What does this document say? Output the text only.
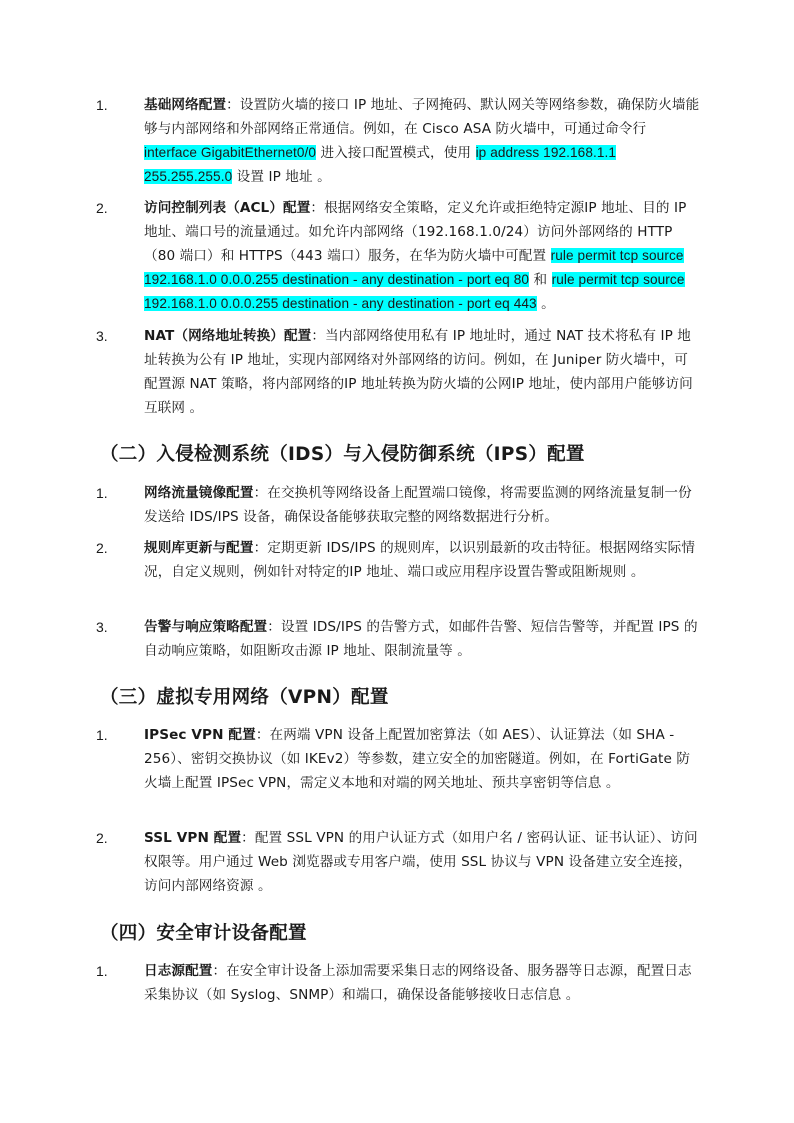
1.	基础网络配置：设置防火墙的接口 IP 地址、子网掩码、默认网关等网络参数，确保防火墙能够与内部网络和外部网络正常通信。例如，在 Cisco ASA 防火墙中，可通过命令行 interface GigabitEthernet0/0 进入接口配置模式，使用 ip address 192.168.1.1 255.255.255.0 设置 IP 地址 。
2.	访问控制列表（ACL）配置：根据网络安全策略，定义允许或拒绝特定源IP 地址、目的 IP 地址、端口号的流量通过。如允许内部网络（192.168.1.0/24）访问外部网络的 HTTP（80 端口）和 HTTPS（443 端口）服务，在华为防火墙中可配置 rule permit tcp source 192.168.1.0 0.0.0.255 destination - any destination - port eq 80 和 rule permit tcp source 192.168.1.0 0.0.0.255 destination - any destination - port eq 443 。
3.	NAT（网络地址转换）配置：当内部网络使用私有 IP 地址时，通过 NAT 技术将私有 IP 地址转换为公有 IP 地址，实现内部网络对外部网络的访问。例如，在 Juniper 防火墙中，可配置源 NAT 策略，将内部网络的IP 地址转换为防火墙的公网IP 地址，使内部用户能够访问互联网 。
（二）入侵检测系统（IDS）与入侵防御系统（IPS）配置
1.	网络流量镜像配置：在交换机等网络设备上配置端口镜像，将需要监测的网络流量复制一份发送给 IDS/IPS 设备，确保设备能够获取完整的网络数据进行分析。
2.	规则库更新与配置：定期更新 IDS/IPS 的规则库，以识别最新的攻击特征。根据网络实际情况，自定义规则，例如针对特定的IP 地址、端口或应用程序设置告警或阻断规则 。
3.	告警与响应策略配置：设置 IDS/IPS 的告警方式，如邮件告警、短信告警等，并配置 IPS 的自动响应策略，如阻断攻击源 IP 地址、限制流量等 。
（三）虚拟专用网络（VPN）配置
1.	IPSec VPN 配置：在两端 VPN 设备上配置加密算法（如 AES）、认证算法（如 SHA - 256）、密钥交换协议（如 IKEv2）等参数，建立安全的加密隧道。例如，在 FortiGate 防火墙上配置 IPSec VPN，需定义本地和对端的网关地址、预共享密钥等信息 。
2.	SSL VPN 配置：配置 SSL VPN 的用户认证方式（如用户名 / 密码认证、证书认证）、访问权限等。用户通过 Web 浏览器或专用客户端，使用 SSL 协议与 VPN 设备建立安全连接，访问内部网络资源 。
（四）安全审计设备配置
1.	日志源配置：在安全审计设备上添加需要采集日志的网络设备、服务器等日志源，配置日志采集协议（如 Syslog、SNMP）和端口，确保设备能够接收日志信息 。
